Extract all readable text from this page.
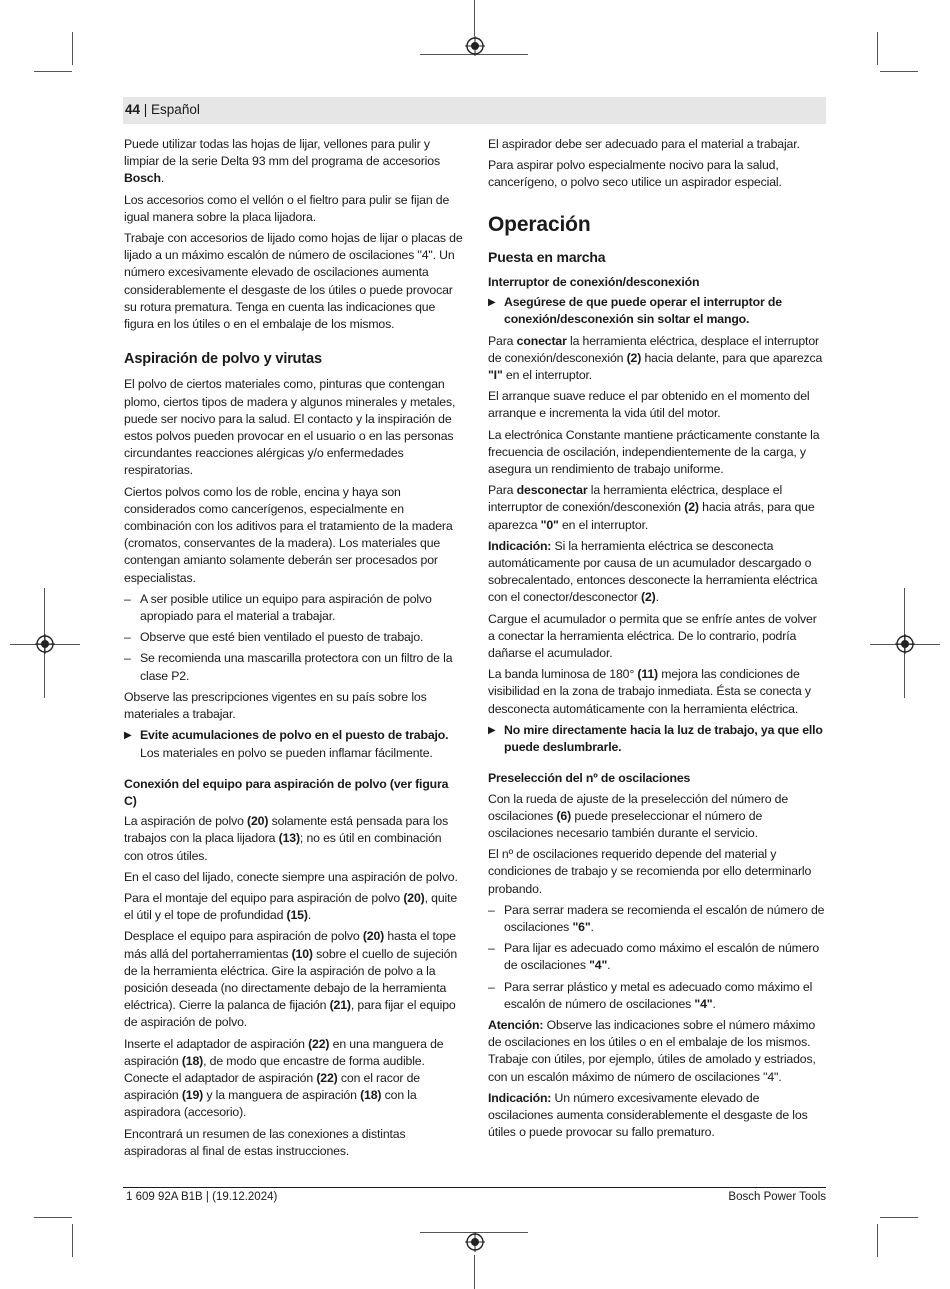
44 | Español

Puede utilizar todas las hojas de lijar, vellones para pulir y limpiar de la serie Delta 93 mm del programa de accesorios Bosch.

Los accesorios como el vellón o el fieltro para pulir se fijan de igual manera sobre la placa lijadora.

Trabaje con accesorios de lijado como hojas de lijar o placas de lijado a un máximo escalón de número de oscilaciones "4". Un número excesivamente elevado de oscilaciones aumenta considerablemente el desgaste de los útiles o puede provocar su rotura prematura. Tenga en cuenta las indicaciones que figura en los útiles o en el embalaje de los mismos.

Aspiración de polvo y virutas

El polvo de ciertos materiales como, pinturas que contengan plomo, ciertos tipos de madera y algunos minerales y metales, puede ser nocivo para la salud. El contacto y la inspiración de estos polvos pueden provocar en el usuario o en las personas circundantes reacciones alérgicas y/o enfermedades respiratorias.

Ciertos polvos como los de roble, encina y haya son considerados como cancerígenos, especialmente en combinación con los aditivos para el tratamiento de la madera (cromatos, conservantes de la madera). Los materiales que contengan amianto solamente deberán ser procesados por especialistas.

– A ser posible utilice un equipo para aspiración de polvo apropiado para el material a trabajar.
– Observe que esté bien ventilado el puesto de trabajo.
– Se recomienda una mascarilla protectora con un filtro de la clase P2.

Observe las prescripciones vigentes en su país sobre los materiales a trabajar.

▶ Evite acumulaciones de polvo en el puesto de trabajo.
Los materiales en polvo se pueden inflamar fácilmente.
Conexión del equipo para aspiración de polvo (ver figura C)

La aspiración de polvo (20) solamente está pensada para los trabajos con la placa lijadora (13); no es útil en combinación con otros útiles.

En el caso del lijado, conecte siempre una aspiración de polvo.

Para el montaje del equipo para aspiración de polvo (20), quite el útil y el tope de profundidad (15).

Desplace el equipo para aspiración de polvo (20) hasta el tope más allá del portaherramientas (10) sobre el cuello de sujeción de la herramienta eléctrica. Gire la aspiración de polvo a la posición deseada (no directamente debajo de la herramienta eléctrica). Cierre la palanca de fijación (21), para fijar el equipo de aspiración de polvo.

Inserte el adaptador de aspiración (22) en una manguera de aspiración (18), de modo que encastre de forma audible.

Conecte el adaptador de aspiración (22) con el racor de aspiración (19) y la manguera de aspiración (18) con la aspiradora (accesorio).

Encontrará un resumen de las conexiones a distintas aspiradoras al final de estas instrucciones.

El aspirador debe ser adecuado para el material a trabajar.

Para aspirar polvo especialmente nocivo para la salud, cancerígeno, o polvo seco utilice un aspirador especial.

Operación
Puesta en marcha
Interruptor de conexión/desconexión
▶ Asegúrese de que puede operar el interruptor de conexión/desconexión sin soltar el mango.

Para conectar la herramienta eléctrica, desplace el interruptor de conexión/desconexión (2) hacia delante, para que aparezca "I" en el interruptor.

El arranque suave reduce el par obtenido en el momento del arranque e incrementa la vida útil del motor.

La electrónica Constante mantiene prácticamente constante la frecuencia de oscilación, independientemente de la carga, y asegura un rendimiento de trabajo uniforme.

Para desconectar la herramienta eléctrica, desplace el interruptor de conexión/desconexión (2) hacia atrás, para que aparezca "0" en el interruptor.

Indicación: Si la herramienta eléctrica se desconecta automáticamente por causa de un acumulador descargado o sobrecalentado, entonces desconecte la herramienta eléctrica con el conector/desconector (2).

Cargue el acumulador o permita que se enfríe antes de volver a conectar la herramienta eléctrica. De lo contrario, podría dañarse el acumulador.

La banda luminosa de 180° (11) mejora las condiciones de visibilidad en la zona de trabajo inmediata. Ésta se conecta y desconecta automáticamente con la herramienta eléctrica.

▶ No mire directamente hacia la luz de trabajo, ya que ello puede deslumbrarle.
Preselección del nº de oscilaciones

Con la rueda de ajuste de la preselección del número de oscilaciones (6) puede preseleccionar el número de oscilaciones necesario también durante el servicio.

El nº de oscilaciones requerido depende del material y condiciones de trabajo y se recomienda por ello determinarlo probando.

– Para serrar madera se recomienda el escalón de número de oscilaciones "6".
– Para lijar es adecuado como máximo el escalón de número de oscilaciones "4".
– Para serrar plástico y metal es adecuado como máximo el escalón de número de oscilaciones "4".

Atención: Observe las indicaciones sobre el número máximo de oscilaciones en los útiles o en el embalaje de los mismos. Trabaje con útiles, por ejemplo, útiles de amolado y estriados, con un escalón máximo de número de oscilaciones "4".

Indicación: Un número excesivamente elevado de oscilaciones aumenta considerablemente el desgaste de los útiles o puede provocar su fallo prematuro.

1 609 92A B1B | (19.12.2024)	Bosch Power Tools
